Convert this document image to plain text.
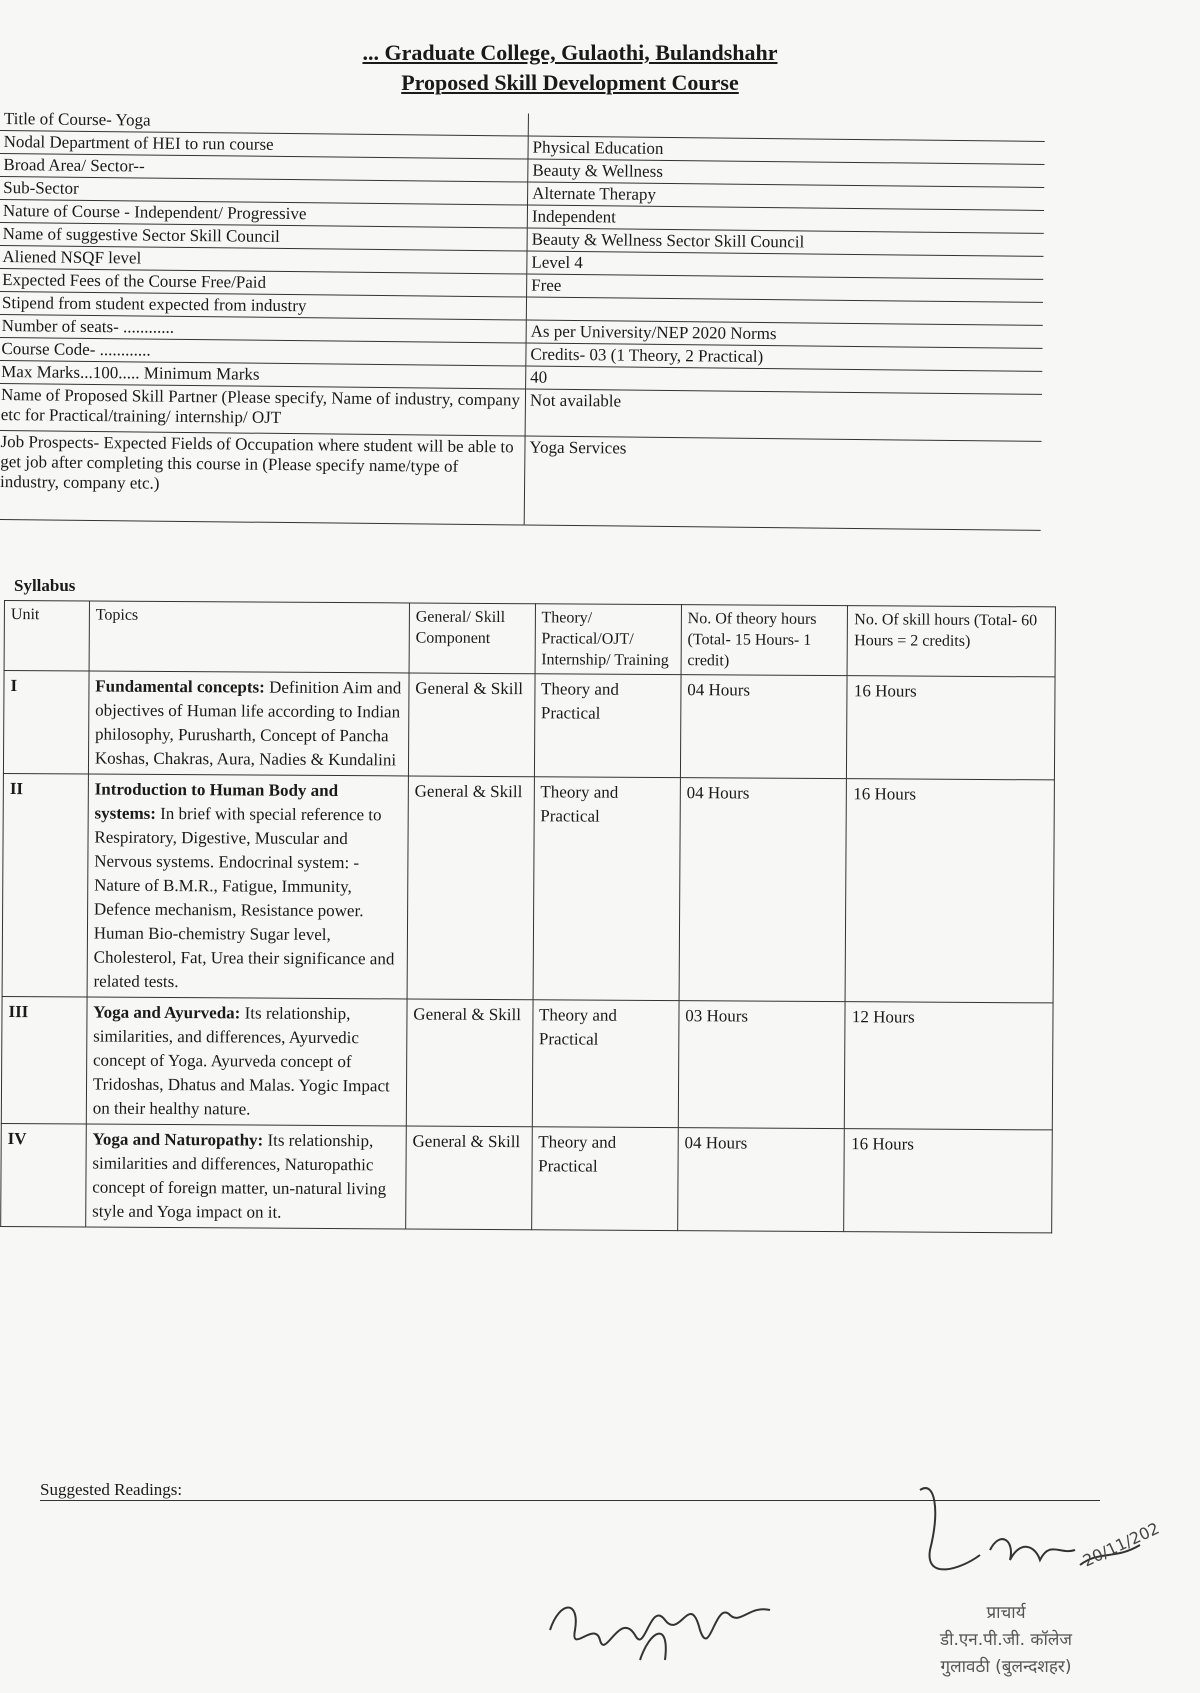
... Graduate College, Gulaothi, Bulandshahr
Proposed Skill Development Course
Title of Course- Yoga	
Nodal Department of HEI to run course	Physical Education
Broad Area/ Sector--	Beauty & Wellness
Sub-Sector	Alternate Therapy
Nature of Course - Independent/ Progressive	Independent
Name of suggestive Sector Skill Council	Beauty & Wellness Sector Skill Council
Aliened NSQF level	Level 4
Expected Fees of the Course Free/Paid	Free
Stipend from student expected from industry	
Number of seats- ............	As per University/NEP 2020 Norms
Course Code- ............	Credits- 03 (1 Theory, 2 Practical)
Max Marks...100..... Minimum Marks	40
Name of Proposed Skill Partner (Please specify, Name of industry, company etc for Practical/training/ internship/ OJT	Not available
Job Prospects- Expected Fields of Occupation where student will be able to get job after completing this course in (Please specify name/type of industry, company etc.)	Yoga Services
Syllabus
Unit	Topics	General/ Skill Component	Theory/ Practical/OJT/ Internship/ Training	No. Of theory hours (Total- 15 Hours- 1 credit)	No. Of skill hours (Total- 60 Hours = 2 credits)
I	Fundamental concepts: Definition Aim and objectives of Human life according to Indian philosophy, Purusharth, Concept of Pancha Koshas, Chakras, Aura, Nadies & Kundalini	General & Skill	Theory and Practical	04 Hours	16 Hours
II	Introduction to Human Body and systems: In brief with special reference to Respiratory, Digestive, Muscular and Nervous systems. Endocrinal system: -Nature of B.M.R., Fatigue, Immunity, Defence mechanism, Resistance power. Human Bio-chemistry Sugar level, Cholesterol, Fat, Urea their significance and related tests.	General & Skill	Theory and Practical	04 Hours	16 Hours
III	Yoga and Ayurveda: Its relationship, similarities, and differences, Ayurvedic concept of Yoga. Ayurveda concept of Tridoshas, Dhatus and Malas. Yogic Impact on their healthy nature.	General & Skill	Theory and Practical	03 Hours	12 Hours
IV	Yoga and Naturopathy: Its relationship, similarities and differences, Naturopathic concept of foreign matter, un-natural living style and Yoga impact on it.	General & Skill	Theory and Practical	04 Hours	16 Hours
Suggested Readings:
20/11/202
प्राचार्य
डी.एन.पी.जी. कॉलेज
गुलावठी (बुलन्दशहर)
